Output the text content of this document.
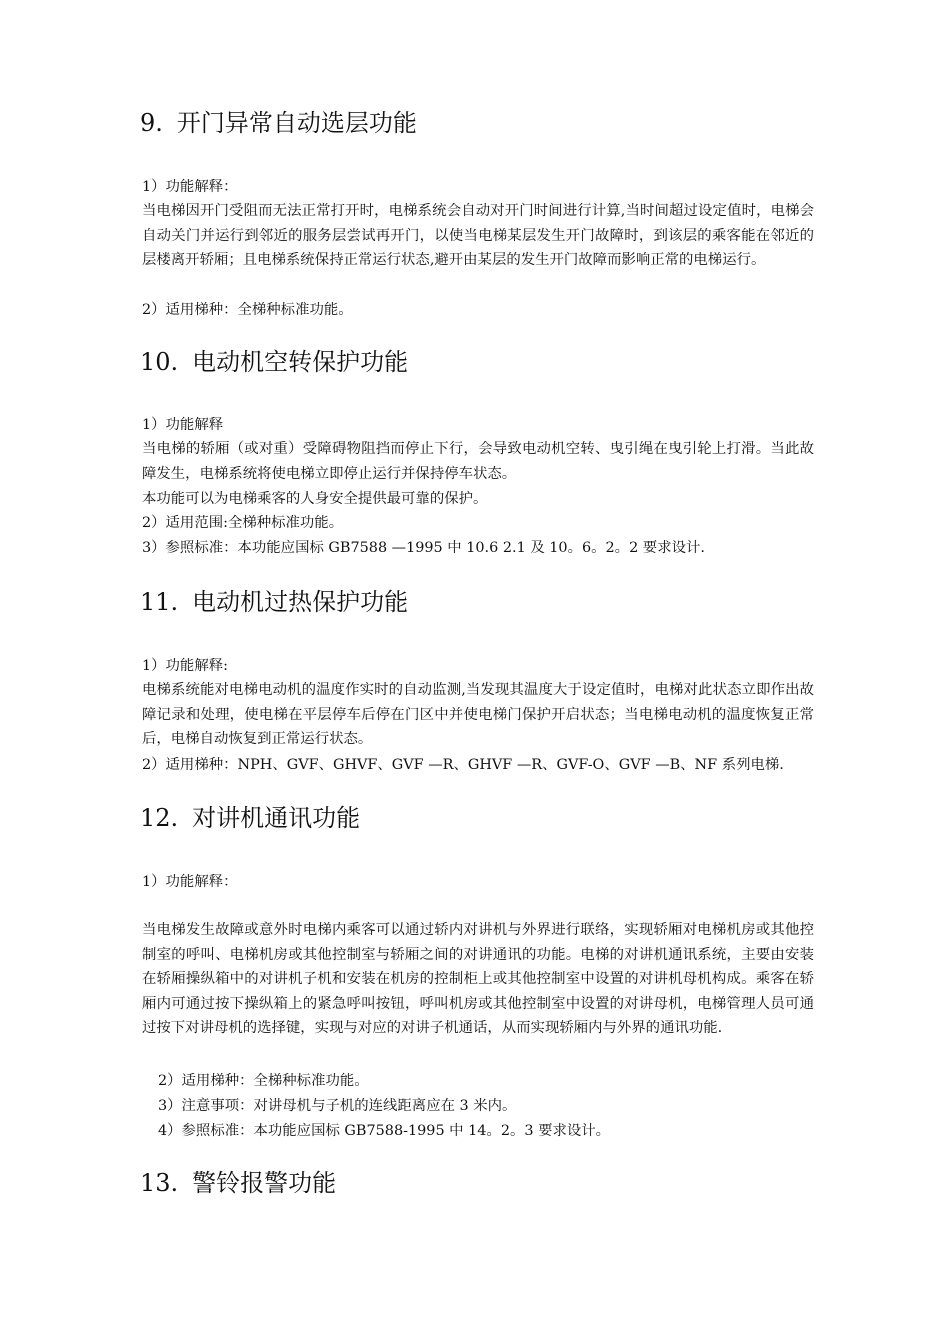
9. 开门异常自动选层功能

1）功能解释：

当电梯因开门受阻而无法正常打开时，电梯系统会自动对开门时间进行计算,当时间超过设定值时，电梯会自动关门并运行到邻近的服务层尝试再开门，以使当电梯某层发生开门故障时，到该层的乘客能在邻近的层楼离开轿厢；且电梯系统保持正常运行状态,避开由某层的发生开门故障而影响正常的电梯运行。

2）适用梯种：全梯种标准功能。

10. 电动机空转保护功能

1）功能解释

当电梯的轿厢（或对重）受障碍物阻挡而停止下行，会导致电动机空转、曳引绳在曳引轮上打滑。当此故障发生，电梯系统将使电梯立即停止运行并保持停车状态。

本功能可以为电梯乘客的人身安全提供最可靠的保护。

2）适用范围:全梯种标准功能。

3）参照标准：本功能应国标 GB7588 —1995 中 10.6 2.1 及 10。6。2。2 要求设计.

11. 电动机过热保护功能

1）功能解释:

电梯系统能对电梯电动机的温度作实时的自动监测,当发现其温度大于设定值时，电梯对此状态立即作出故障记录和处理，使电梯在平层停车后停在门区中并使电梯门保护开启状态；当电梯电动机的温度恢复正常后，电梯自动恢复到正常运行状态。

2）适用梯种：NPH、GVF、GHVF、GVF —R、GHVF —R、GVF-O、GVF —B、NF 系列电梯.

12. 对讲机通讯功能

1）功能解释：

当电梯发生故障或意外时电梯内乘客可以通过轿内对讲机与外界进行联络，实现轿厢对电梯机房或其他控制室的呼叫、电梯机房或其他控制室与轿厢之间的对讲通讯的功能。电梯的对讲机通讯系统，主要由安装在轿厢操纵箱中的对讲机子机和安装在机房的控制柜上或其他控制室中设置的对讲机母机构成。乘客在轿厢内可通过按下操纵箱上的紧急呼叫按钮，呼叫机房或其他控制室中设置的对讲母机，电梯管理人员可通过按下对讲母机的选择键，实现与对应的对讲子机通话，从而实现轿厢内与外界的通讯功能.

2）适用梯种：全梯种标准功能。

3）注意事项：对讲母机与子机的连线距离应在 3 米内。

4）参照标准：本功能应国标 GB7588-1995 中 14。2。3 要求设计。

13. 警铃报警功能
